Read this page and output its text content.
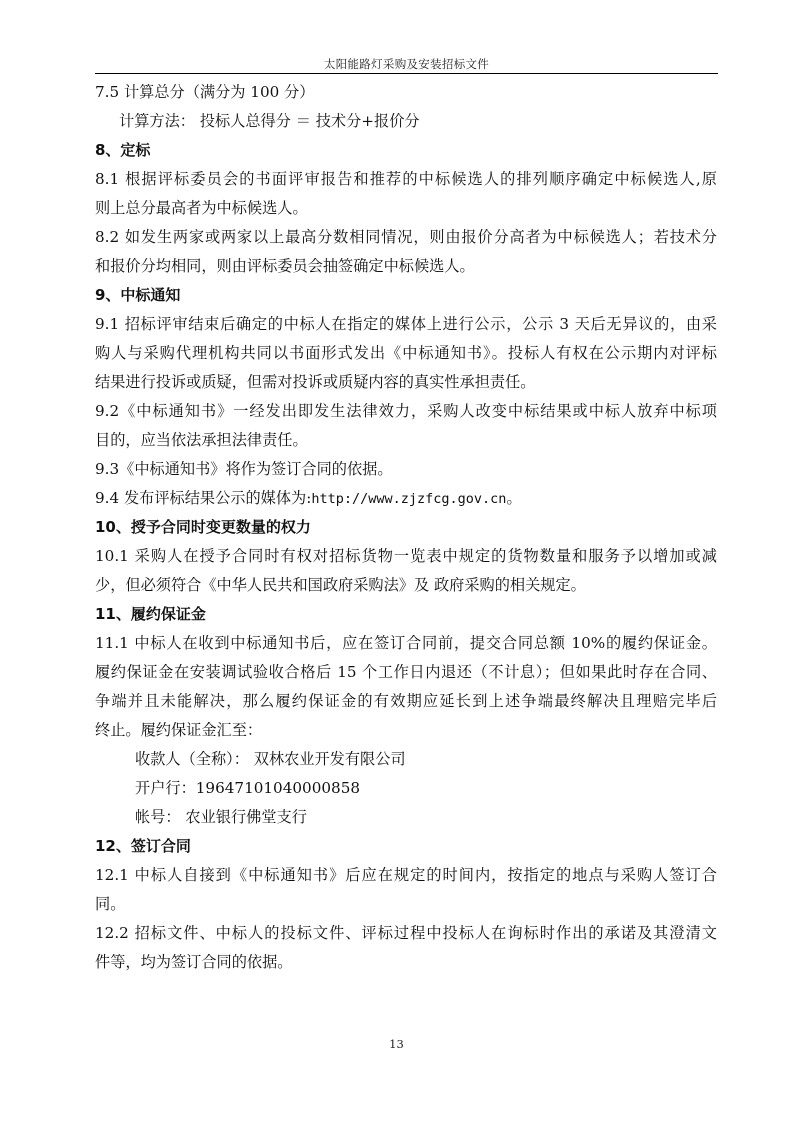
太阳能路灯采购及安装招标文件
7.5 计算总分（满分为 100 分）
计算方法： 投标人总得分 ＝ 技术分+报价分
8、定标
8.1 根据评标委员会的书面评审报告和推荐的中标候选人的排列顺序确定中标候选人,原
则上总分最高者为中标候选人。
8.2 如发生两家或两家以上最高分数相同情况，则由报价分高者为中标候选人；若技术分
和报价分均相同，则由评标委员会抽签确定中标候选人。
9、中标通知
9.1 招标评审结束后确定的中标人在指定的媒体上进行公示，公示 3 天后无异议的，由采
购人与采购代理机构共同以书面形式发出《中标通知书》。投标人有权在公示期内对评标
结果进行投诉或质疑，但需对投诉或质疑内容的真实性承担责任。
9.2《中标通知书》一经发出即发生法律效力，采购人改变中标结果或中标人放弃中标项
目的，应当依法承担法律责任。
9.3《中标通知书》将作为签订合同的依据。
9.4 发布评标结果公示的媒体为:http://www.zjzfcg.gov.cn。
10、授予合同时变更数量的权力
10.1 采购人在授予合同时有权对招标货物一览表中规定的货物数量和服务予以增加或减
少，但必须符合《中华人民共和国政府采购法》及 政府采购的相关规定。
11、履约保证金
11.1 中标人在收到中标通知书后，应在签订合同前，提交合同总额 10%的履约保证金。
履约保证金在安装调试验收合格后 15 个工作日内退还（不计息）；但如果此时存在合同、
争端并且未能解决，那么履约保证金的有效期应延长到上述争端最终解决且理赔完毕后
终止。履约保证金汇至：
收款人（全称）： 双林农业开发有限公司
开户行：19647101040000858
帐号： 农业银行佛堂支行
12、签订合同
12.1 中标人自接到《中标通知书》后应在规定的时间内，按指定的地点与采购人签订合
同。
12.2 招标文件、中标人的投标文件、评标过程中投标人在询标时作出的承诺及其澄清文
件等，均为签订合同的依据。
13
